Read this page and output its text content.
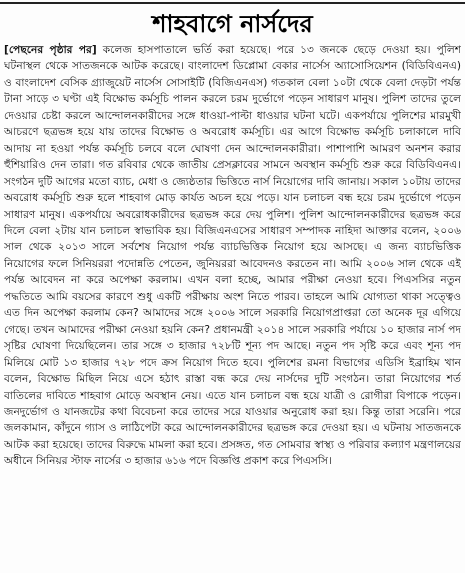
শাহবাগে নার্সদের
[পেছনের পৃষ্ঠার পর] কলেজ হাসপাতালে ভর্তি করা হয়েছে। পরে ১৩ জনকে ছেড়ে দেওয়া হয়। পুলিশ ঘটনাস্থল থেকে সাতজনকে আটক করেছে। বাংলাদেশ ডিপ্লোমা বেকার নার্সেস অ্যাসোসিয়েশন (বিডিবিএনএ) ও বাংলাদেশ বেসিক গ্র্যাজুয়েট নার্সেস সোসাইটি (বিজিএনএস) গতকাল বেলা ১০টা থেকে বেলা দেড়টা পর্যন্ত টানা সাড়ে ৩ ঘণ্টা এই বিক্ষোভ কর্মসূচি পালন করলে চরম দুর্ভোগে পড়েন সাধারণ মানুষ। পুলিশ তাদের তুলে দেওয়ার চেষ্টা করলে আন্দোলনকারীদের সঙ্গে ধাওয়া-পাল্টা ধাওয়ার ঘটনা ঘটে। একপর্যায়ে পুলিশের মারমুখী আচরণে ছত্রভঙ্গ হয়ে যায় তাদের বিক্ষোভ ও অবরোধ কর্মসূচি। এর আগে বিক্ষোভ কর্মসূচি চলাকালে দাবি আদায় না হওয়া পর্যন্ত কর্মসূচি চলবে বলে ঘোষণা দেন আন্দোলনকারীরা। পাশাপাশি আমরণ অনশন করার হুঁশিয়ারিও দেন তারা। গত রবিবার থেকে জাতীয় প্রেসক্লাবের সামনে অবস্থান কর্মসূচি শুরু করে বিডিবিএনএ। সংগঠন দুটি আগের মতো ব্যাচ, মেধা ও জ্যেষ্ঠতার ভিত্তিতে নার্স নিয়োগের দাবি জানায়। সকাল ১০টায় তাদের অবরোধ কর্মসূচি শুরু হলে শাহবাগ মোড় কার্যত অচল হয়ে পড়ে। যান চলাচল বন্ধ হয়ে চরম দুর্ভোগে পড়েন সাধারণ মানুষ। একপর্যায়ে অবরোধকারীদের ছত্রভঙ্গ করে দেয় পুলিশ। পুলিশ আন্দোলনকারীদের ছত্রভঙ্গ করে দিলে বেলা ২টায় যান চলাচল স্বাভাবিক হয়। বিজিএনএসের সাধারণ সম্পাদক নাহিদা আক্তার বলেন, ২০০৬ সাল থেকে ২০১৩ সালে সর্বশেষ নিয়োগ পর্যন্ত ব্যাচভিত্তিক নিয়োগ হয়ে আসছে। এ জন্য ব্যাচভিত্তিক নিয়োগের ফলে সিনিয়ররা পদোন্নতি পেতেন, জুনিয়ররা আবেদনও করতেন না। আমি ২০০৬ সাল থেকে এই পর্যন্ত আবেদন না করে অপেক্ষা করলাম। এখন বলা হচ্ছে, আমার পরীক্ষা নেওয়া হবে। পিএসসির নতুন পদ্ধতিতে আমি বয়সের কারণে শুধু একটি পরীক্ষায় অংশ নিতে পারব। তাহলে আমি যোগ্যতা থাকা সত্ত্বেও এত দিন অপেক্ষা করলাম কেন? আমাদের সঙ্গে ২০০৬ সালে সরকারি নিয়োগপ্রাপ্তরা তো অনেক দূর এগিয়ে গেছে। তখন আমাদের পরীক্ষা নেওয়া হয়নি কেন? প্রধানমন্ত্রী ২০১৪ সালে সরকারি পর্যায়ে ১০ হাজার নার্স পদ সৃষ্টির ঘোষণা দিয়েছিলেন। তার সঙ্গে ৩ হাজার ৭২৮টি শূন্য পদ আছে। নতুন পদ সৃষ্টি করে এবং শূন্য পদ মিলিয়ে মোট ১৩ হাজার ৭২৮ পদে ক্রস নিয়োগ দিতে হবে। পুলিশের রমনা বিভাগের এডিসি ইব্রাহিম খান বলেন, বিক্ষোভ মিছিল নিয়ে এসে হঠাৎ রাস্তা বন্ধ করে দেয় নার্সদের দুটি সংগঠন। তারা নিয়োগের শর্ত বাতিলের দাবিতে শাহবাগ মোড়ে অবস্থান নেয়। এতে যান চলাচল বন্ধ হয়ে যাত্রী ও রোগীরা বিপাকে পড়েন। জনদুর্ভোগ ও যানজটের কথা বিবেচনা করে তাদের সরে যাওয়ার অনুরোধ করা হয়। কিন্তু তারা সরেনি। পরে জলকামান, কাঁদুনে গ্যাস ও লাঠিপেটা করে আন্দোলনকারীদের ছত্রভঙ্গ করে দেওয়া হয়। এ ঘটনায় সাতজনকে আটক করা হয়েছে। তাদের বিরুদ্ধে মামলা করা হবে। প্রসঙ্গত, গত সোমবার স্বাস্থ্য ও পরিবার কল্যাণ মন্ত্রণালয়ের অধীনে সিনিয়র স্টাফ নার্সের ৩ হাজার ৬১৬ পদে বিজ্ঞপ্তি প্রকাশ করে পিএসসি।
